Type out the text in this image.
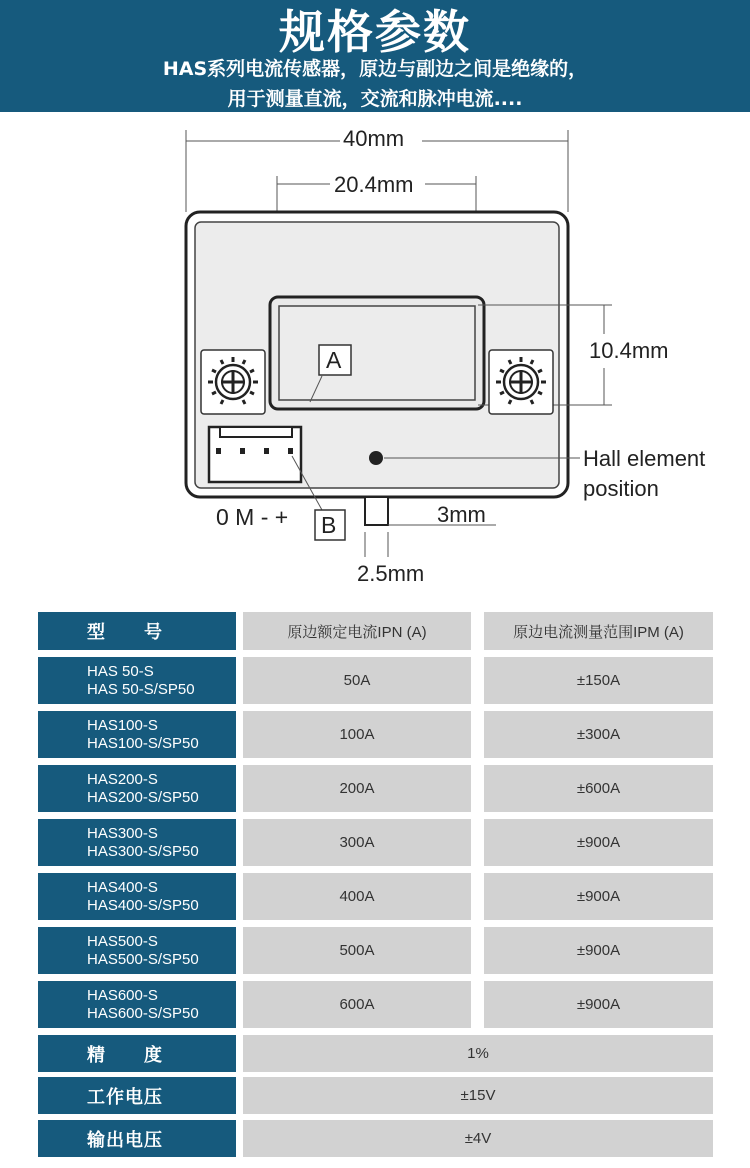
规格参数
HAS系列电流传感器，原边与副边之间是绝缘的，
用于测量直流，交流和脉冲电流....
40mm
20.4mm
10.4mm
A
B
0 M - +
Hall element
position
3mm
2.5mm
型　　号	原边额定电流IPN (A)	原边电流测量范围IPM (A)
HAS 50-S
HAS 50-S/SP50	50A	±150A
HAS100-S
HAS100-S/SP50	100A	±300A
HAS200-S
HAS200-S/SP50	200A	±600A
HAS300-S
HAS300-S/SP50	300A	±900A
HAS400-S
HAS400-S/SP50	400A	±900A
HAS500-S
HAS500-S/SP50	500A	±900A
HAS600-S
HAS600-S/SP50	600A	±900A
精　　度	1%
工作电压	±15V
输出电压	±4V
